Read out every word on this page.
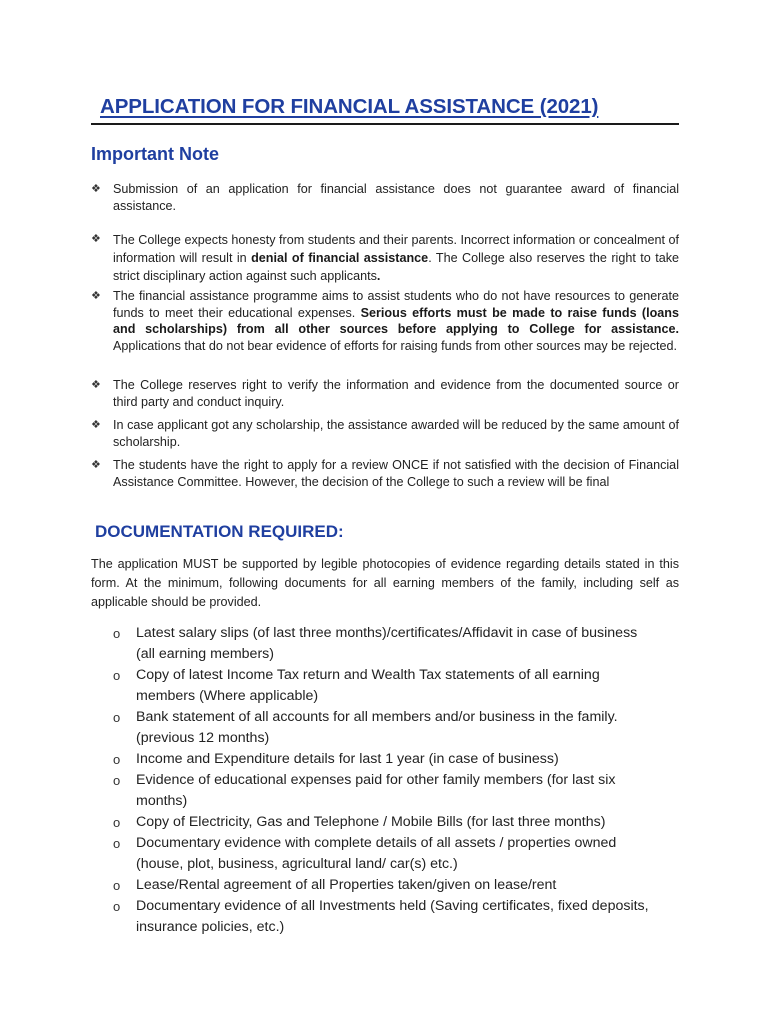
APPLICATION FOR FINANCIAL ASSISTANCE (2021)
Important Note
❖ Submission of an application for financial assistance does not guarantee award of financial assistance.
❖ The College expects honesty from students and their parents. Incorrect information or concealment of information will result in denial of financial assistance. The College also reserves the right to take strict disciplinary action against such applicants.
❖ The financial assistance programme aims to assist students who do not have resources to generate funds to meet their educational expenses. Serious efforts must be made to raise funds (loans and scholarships) from all other sources before applying to College for assistance. Applications that do not bear evidence of efforts for raising funds from other sources may be rejected.
❖ The College reserves right to verify the information and evidence from the documented source or third party and conduct inquiry.
❖ In case applicant got any scholarship, the assistance awarded will be reduced by the same amount of scholarship.
❖ The students have the right to apply for a review ONCE if not satisfied with the decision of Financial Assistance Committee. However, the decision of the College to such a review will be final
DOCUMENTATION REQUIRED:

The application MUST be supported by legible photocopies of evidence regarding details stated in this form. At the minimum, following documents for all earning members of the family, including self as applicable should be provided.

o	Latest salary slips (of last three months)/certificates/Affidavit in case of business (all earning members)
o	Copy of latest Income Tax return and Wealth Tax statements of all earning members (Where applicable)
o	Bank statement of all accounts for all members and/or business in the family. (previous 12 months)
o	Income and Expenditure details for last 1 year (in case of business)
o	Evidence of educational expenses paid for other family members (for last six months)
o	Copy of Electricity, Gas and Telephone / Mobile Bills (for last three months)
o	Documentary evidence with complete details of all assets / properties owned (house, plot, business, agricultural land/ car(s) etc.)
o	Lease/Rental agreement of all Properties taken/given on lease/rent
o	Documentary evidence of all Investments held (Saving certificates, fixed deposits, insurance policies, etc.)
